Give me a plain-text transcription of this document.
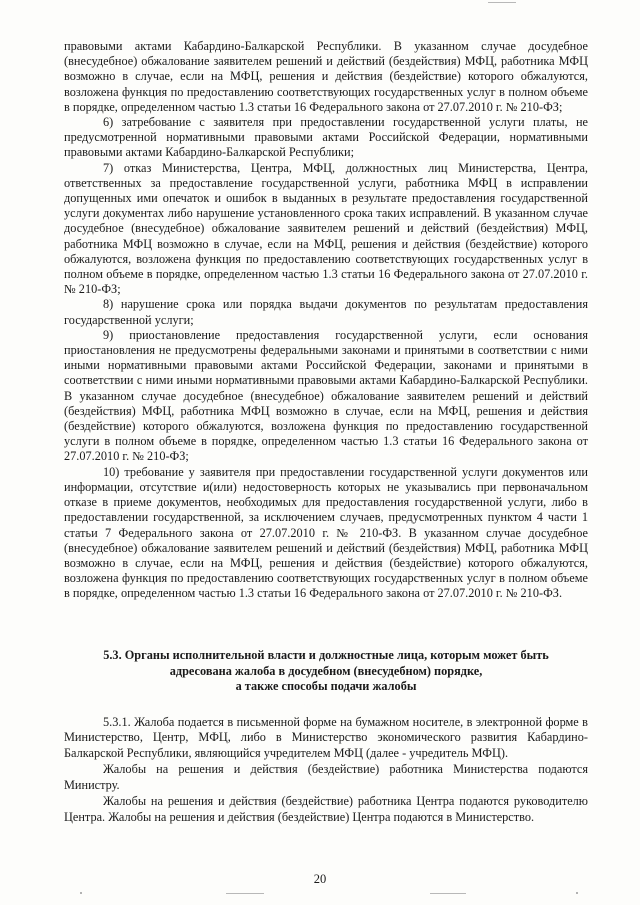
правовыми актами Кабардино-Балкарской Республики. В указанном случае досудебное (внесудебное) обжалование заявителем решений и действий (бездействия) МФЦ, работника МФЦ возможно в случае, если на МФЦ, решения и действия (бездействие) которого обжалуются, возложена функция по предоставлению соответствующих государственных услуг в полном объеме в порядке, определенном частью 1.3 статьи 16 Федерального закона от 27.07.2010 г. № 210-ФЗ;

6) затребование с заявителя при предоставлении государственной услуги платы, не предусмотренной нормативными правовыми актами Российской Федерации, нормативными правовыми актами Кабардино-Балкарской Республики;

7) отказ Министерства, Центра, МФЦ, должностных лиц Министерства, Центра, ответственных за предоставление государственной услуги, работника МФЦ в исправлении допущенных ими опечаток и ошибок в выданных в результате предоставления государственной услуги документах либо нарушение установленного срока таких исправлений. В указанном случае досудебное (внесудебное) обжалование заявителем решений и действий (бездействия) МФЦ, работника МФЦ возможно в случае, если на МФЦ, решения и действия (бездействие) которого обжалуются, возложена функция по предоставлению соответствующих государственных услуг в полном объеме в порядке, определенном частью 1.3 статьи 16 Федерального закона от 27.07.2010 г. № 210-ФЗ;

8) нарушение срока или порядка выдачи документов по результатам предоставления государственной услуги;

9) приостановление предоставления государственной услуги, если основания приостановления не предусмотрены федеральными законами и принятыми в соответствии с ними иными нормативными правовыми актами Российской Федерации, законами и принятыми в соответствии с ними иными нормативными правовыми актами Кабардино-Балкарской Республики. В указанном случае досудебное (внесудебное) обжалование заявителем решений и действий (бездействия) МФЦ, работника МФЦ возможно в случае, если на МФЦ, решения и действия (бездействие) которого обжалуются, возложена функция по предоставлению государственной услуги в полном объеме в порядке, определенном частью 1.3 статьи 16 Федерального закона от 27.07.2010 г. № 210-ФЗ;

10) требование у заявителя при предоставлении государственной услуги документов или информации, отсутствие и(или) недостоверность которых не указывались при первоначальном отказе в приеме документов, необходимых для предоставления государственной услуги, либо в предоставлении государственной, за исключением случаев, предусмотренных пунктом 4 части 1 статьи 7 Федерального закона от 27.07.2010 г. № 210-ФЗ. В указанном случае досудебное (внесудебное) обжалование заявителем решений и действий (бездействия) МФЦ, работника МФЦ возможно в случае, если на МФЦ, решения и действия (бездействие) которого обжалуются, возложена функция по предоставлению соответствующих государственных услуг в полном объеме в порядке, определенном частью 1.3 статьи 16 Федерального закона от 27.07.2010 г. № 210-ФЗ.

5.3. Органы исполнительной власти и должностные лица, которым может быть
адресована жалоба в досудебном (внесудебном) порядке,
а также способы подачи жалобы

5.3.1. Жалоба подается в письменной форме на бумажном носителе, в электронной форме в Министерство, Центр, МФЦ, либо в Министерство экономического развития Кабардино-Балкарской Республики, являющийся учредителем МФЦ (далее - учредитель МФЦ).

Жалобы на решения и действия (бездействие) работника Министерства подаются Министру.

Жалобы на решения и действия (бездействие) работника Центра подаются руководителю Центра. Жалобы на решения и действия (бездействие) Центра подаются в Министерство.

20
